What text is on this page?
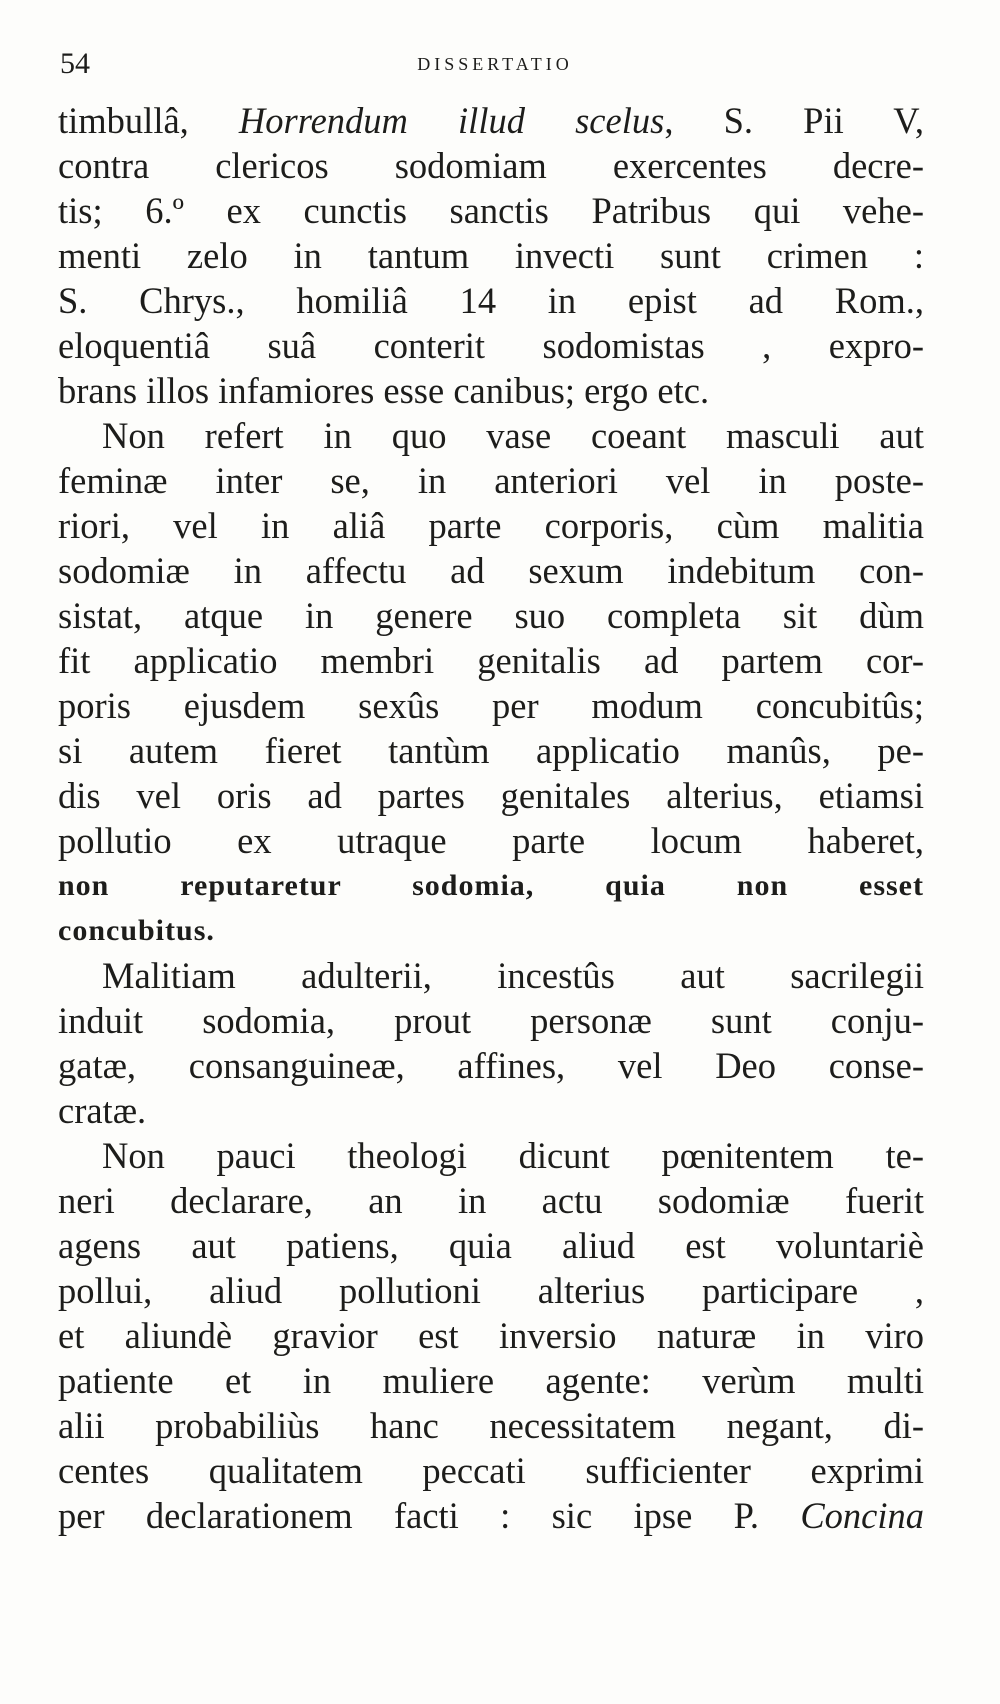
54	DISSERTATIO
timbullâ, Horrendum illud scelus, S. Pii V,
contra clericos sodomiam exercentes decre-
tis; 6.º ex cunctis sanctis Patribus qui vehe-
menti zelo in tantum invecti sunt crimen :
S. Chrys., homiliâ 14 in epist ad Rom.,
eloquentiâ suâ conterit sodomistas , expro-
brans illos infamiores esse canibus; ergo etc.
Non refert in quo vase coeant masculi aut
feminæ inter se, in anteriori vel in poste-
riori, vel in aliâ parte corporis, cùm malitia
sodomiæ in affectu ad sexum indebitum con-
sistat, atque in genere suo completa sit dùm
fit applicatio membri genitalis ad partem cor-
poris ejusdem sexûs per modum concubitûs;
si autem fieret tantùm applicatio manûs, pe-
dis vel oris ad partes genitales alterius, etiamsi
pollutio ex utraque parte locum haberet,
non reputaretur sodomia, quia non esset
concubitus.
Malitiam adulterii, incestûs aut sacrilegii
induit sodomia, prout personæ sunt conju-
gatæ, consanguineæ, affines, vel Deo conse-
cratæ.
Non pauci theologi dicunt pœnitentem te-
neri declarare, an in actu sodomiæ fuerit
agens aut patiens, quia aliud est voluntariè
pollui, aliud pollutioni alterius participare ,
et aliundè gravior est inversio naturæ in viro
patiente et in muliere agente: verùm multi
alii probabiliùs hanc necessitatem negant, di-
centes qualitatem peccati sufficienter exprimi
per declarationem facti : sic ipse P. Concina
